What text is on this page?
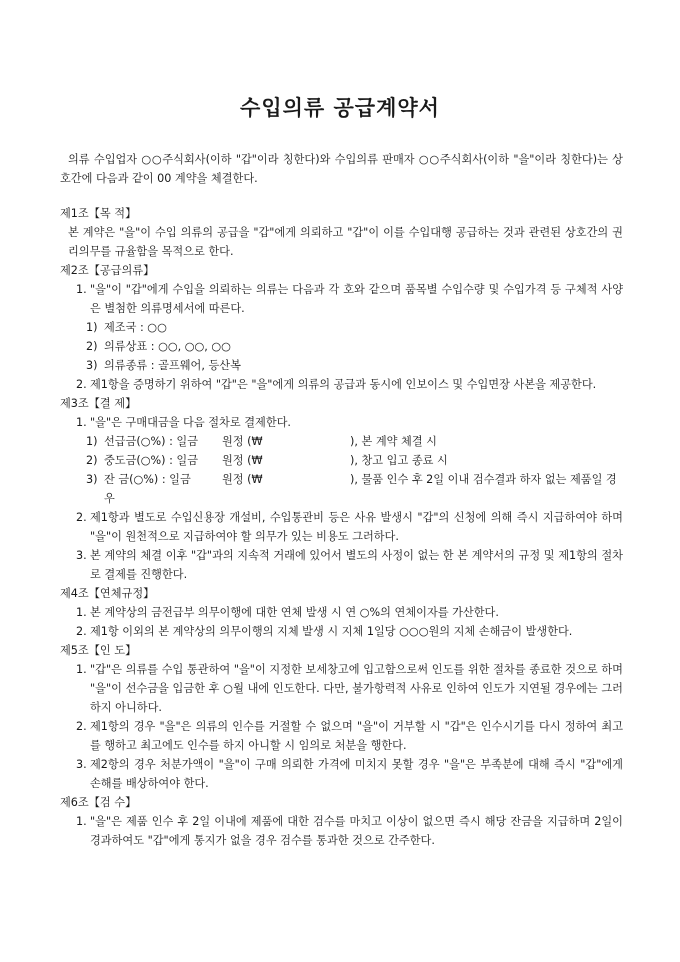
수입의류 공급계약서

의류 수입업자 ○○주식회사(이하 "갑"이라 칭한다)와 수입의류 판매자 ○○주식회사(이하 "을"이라 칭한다)는 상호간에 다음과 같이 00 계약을 체결한다.

제1조【목 적】

본 계약은 "을"이 수입 의류의 공급을 "갑"에게 의뢰하고 "갑"이 이를 수입대행 공급하는 것과 관련된 상호간의 권리의무를 규율함을 목적으로 한다.

제2조【공급의류】

1. "을"이 "갑"에게 수입을 의뢰하는 의류는 다음과 각 호와 같으며 품목별 수입수량 및 수입가격 등 구체적 사양은 별첨한 의류명세서에 따른다.
1) 제조국 : ○○
2) 의류상표 : ○○, ○○, ○○
3) 의류종류 : 골프웨어, 등산복
2. 제1항을 증명하기 위하여 "갑"은 "을"에게 의류의 공급과 동시에 인보이스 및 수입면장 사본을 제공한다.

제3조【결 제】

1. "을"은 구매대금을 다음 절차로 결제한다.
1) 선급금(○%) : 일금 원정 (₩	), 본 계약 체결 시
2) 중도금(○%) : 일금 원정 (₩	), 창고 입고 종료 시
3) 잔 금(○%) : 일금	원정 (₩	), 물품 인수 후 2일 이내 검수결과 하자 없는 제품일 경우
2. 제1항과 별도로 수입신용장 개설비, 수입통관비 등은 사유 발생시 "갑"의 신청에 의해 즉시 지급하여야 하며 "을"이 원천적으로 지급하여야 할 의무가 있는 비용도 그러하다.
3. 본 계약의 체결 이후 "갑"과의 지속적 거래에 있어서 별도의 사정이 없는 한 본 계약서의 규정 및 제1항의 절차로 결제를 진행한다.

제4조【연체규정】

1. 본 계약상의 금전급부 의무이행에 대한 연체 발생 시 연 ○%의 연체이자를 가산한다.
2. 제1항 이외의 본 계약상의 의무이행의 지체 발생 시 지체 1일당 ○○○원의 지체 손해금이 발생한다.

제5조【인 도】

1. "갑"은 의류를 수입 통관하여 "을"이 지정한 보세창고에 입고함으로써 인도를 위한 절차를 종료한 것으로 하며 "을"이 선수금을 입금한 후 ○월 내에 인도한다. 다만, 불가항력적 사유로 인하여 인도가 지연될 경우에는 그러하지 아니하다.
2. 제1항의 경우 "을"은 의류의 인수를 거절할 수 없으며 "을"이 거부할 시 "갑"은 인수시기를 다시 정하여 최고를 행하고 최고에도 인수를 하지 아니할 시 임의로 처분을 행한다.
3. 제2항의 경우 처분가액이 "을"이 구매 의뢰한 가격에 미치지 못할 경우 "을"은 부족분에 대해 즉시 "갑"에게 손해를 배상하여야 한다.

제6조【검 수】

1. "을"은 제품 인수 후 2일 이내에 제품에 대한 검수를 마치고 이상이 없으면 즉시 해당 잔금을 지급하며 2일이 경과하여도 "갑"에게 통지가 없을 경우 검수를 통과한 것으로 간주한다.
